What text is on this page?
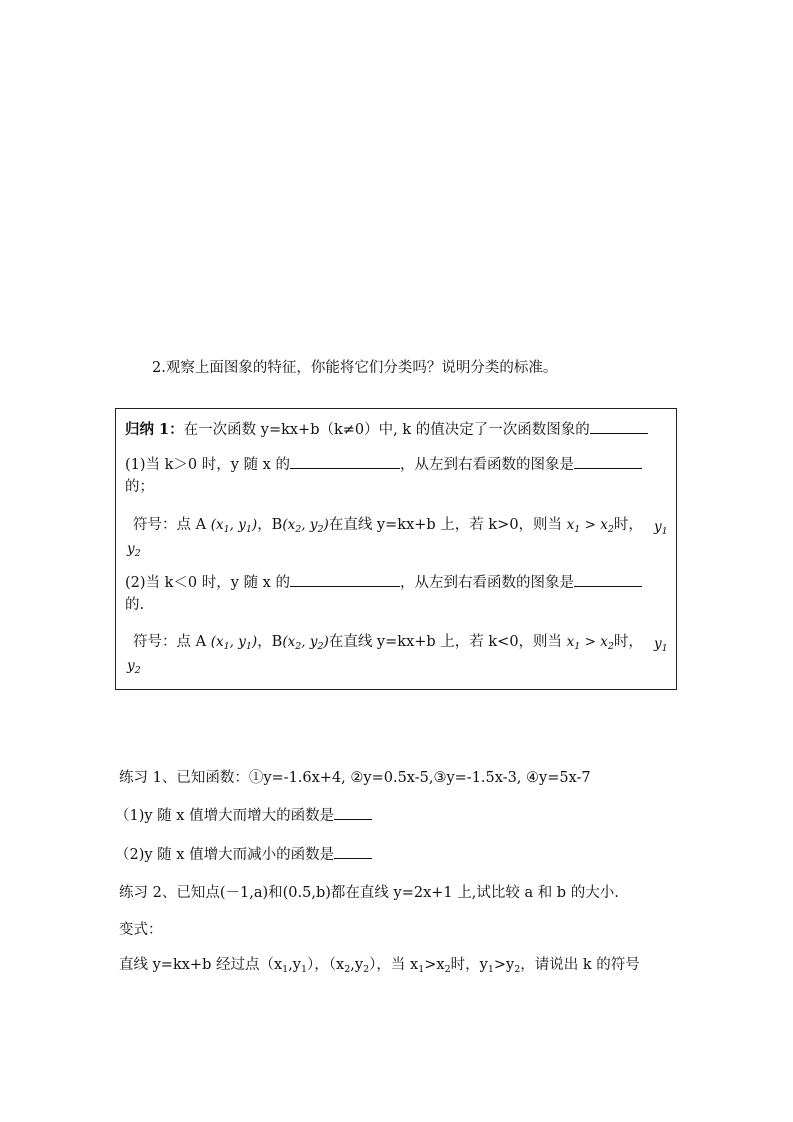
2.观察上面图象的特征，你能将它们分类吗？说明分类的标准。
归纳 1：在一次函数 y=kx+b（k≠0）中, k 的值决定了一次函数图象的
(1)当 k＞0 时，y 随 x 的	，从左到右看函数的图象是
的；
符号：点 A ($x_1$, $y_1$)，$B(x_2$, $y_2$)在直线 y=kx+b 上，若 k>0，则当 $x_1 > x_2$时， $y_1$
$y_2$
(2)当 k＜0 时，y 随 x 的	，从左到右看函数的图象是
的.
符号：点 A ($x_1$, $y_1$)，$B(x_2$, $y_2$)在直线 y=kx+b 上，若 k<0，则当 $x_1 > x_2$时， $y_1$
$y_2$
练习 1、已知函数：①y=-1.6x+4, ②y=0.5x-5,③y=-1.5x-3, ④y=5x-7
（1)y 随 x 值增大而增大的函数是
（2)y 随 x 值增大而减小的函数是
练习 2、已知点(－1,a)和(0.5,b)都在直线 y=2x+1 上,试比较 a 和 b 的大小.
变式：
直线 y=kx+b 经过点$(x_1,y_1)$，$(x_2,y_2)$，当 $x_1>x_2$时，$y_1>y_2$，请说出 k 的符号
